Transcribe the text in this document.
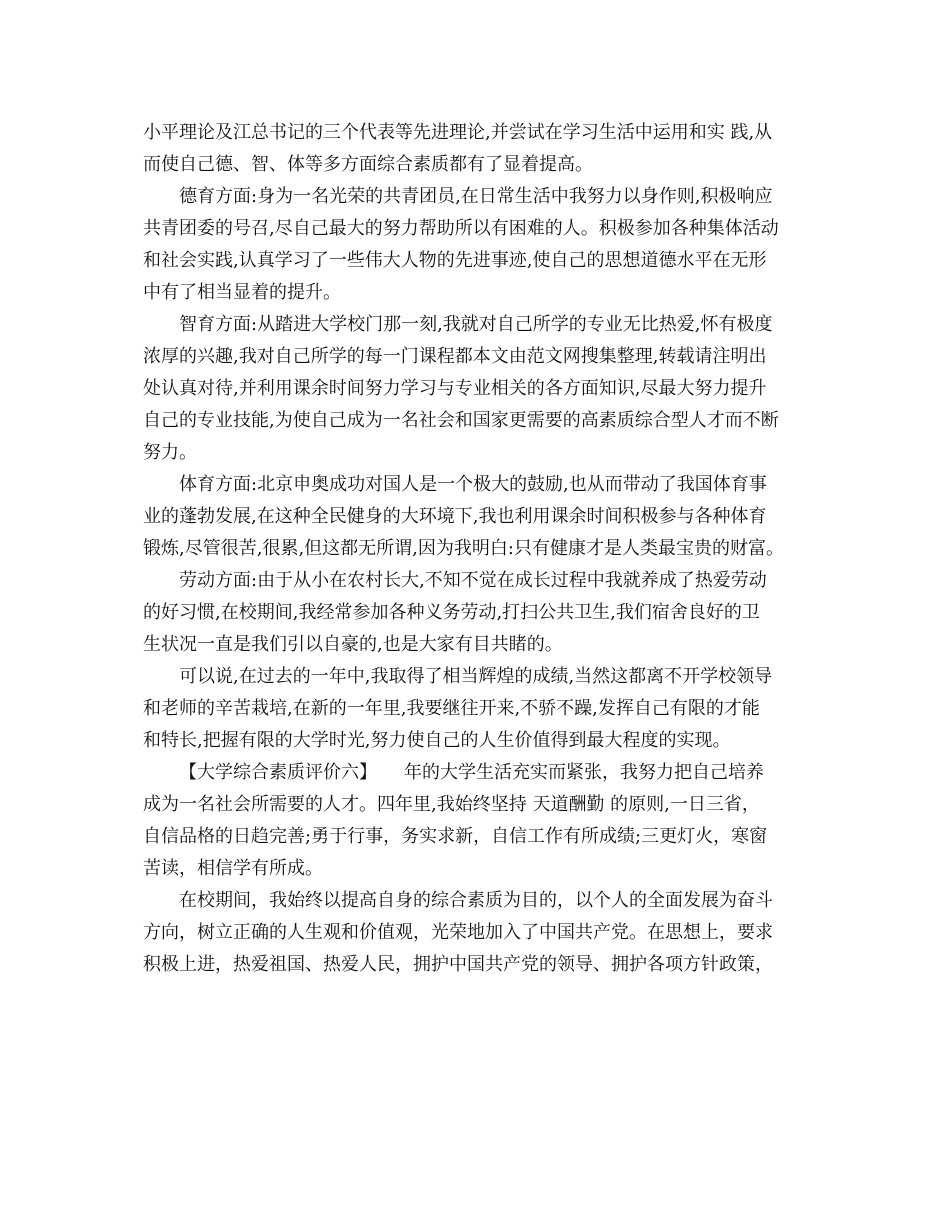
小平理论及江总书记的三个代表等先进理论,并尝试在学习生活中运用和实 践,从
而使自己德、智、体等多方面综合素质都有了显着提高。
德育方面:身为一名光荣的共青团员,在日常生活中我努力以身作则,积极响应
共青团委的号召,尽自己最大的努力帮助所以有困难的人。积极参加各种集体活动
和社会实践,认真学习了一些伟大人物的先进事迹,使自己的思想道德水平在无形
中有了相当显着的提升。
智育方面:从踏进大学校门那一刻,我就对自己所学的专业无比热爱,怀有极度
浓厚的兴趣,我对自己所学的每一门课程都本文由范文网搜集整理,转载请注明出
处认真对待,并利用课余时间努力学习与专业相关的各方面知识,尽最大努力提升
自己的专业技能,为使自己成为一名社会和国家更需要的高素质综合型人才而不断
努力。
体育方面:北京申奥成功对国人是一个极大的鼓励,也从而带动了我国体育事
业的蓬勃发展,在这种全民健身的大环境下,我也利用课余时间积极参与各种体育
锻炼,尽管很苦,很累,但这都无所谓,因为我明白:只有健康才是人类最宝贵的财富。
劳动方面:由于从小在农村长大,不知不觉在成长过程中我就养成了热爱劳动
的好习惯,在校期间,我经常参加各种义务劳动,打扫公共卫生,我们宿舍良好的卫
生状况一直是我们引以自豪的,也是大家有目共睹的。
可以说,在过去的一年中,我取得了相当辉煌的成绩,当然这都离不开学校领导
和老师的辛苦栽培,在新的一年里,我要继往开来,不骄不躁,发挥自己有限的才能
和特长,把握有限的大学时光,努力使自己的人生价值得到最大程度的实现。
【大学综合素质评价六】　　年的大学生活充实而紧张，我努力把自己培养
成为一名社会所需要的人才。四年里,我始终坚持 天道酬勤 的原则,一日三省，
自信品格的日趋完善;勇于行事，务实求新，自信工作有所成绩;三更灯火，寒窗
苦读，相信学有所成。
在校期间，我始终以提高自身的综合素质为目的，以个人的全面发展为奋斗
方向，树立正确的人生观和价值观，光荣地加入了中国共产党。在思想上，要求
积极上进，热爱祖国、热爱人民，拥护中国共产党的领导、拥护各项方针政策，
